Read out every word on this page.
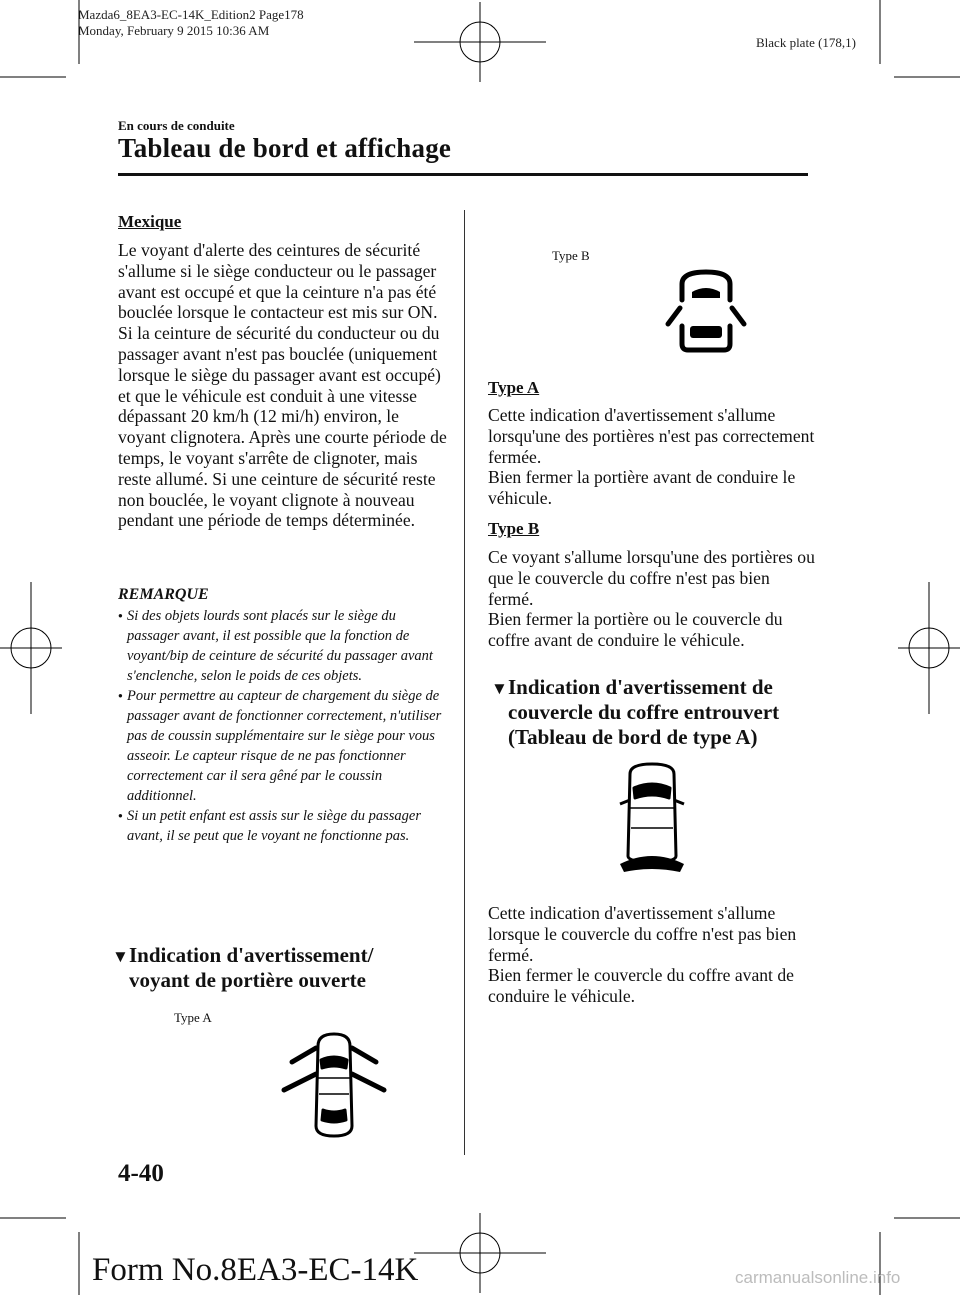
Mazda6_8EA3-EC-14K_Edition2 Page178
Monday, February 9 2015 10:36 AM
Black plate (178,1)
En cours de conduite
Tableau de bord et affichage
Mexique
Le voyant d'alerte des ceintures de sécurité s'allume si le siège conducteur ou le passager avant est occupé et que la ceinture n'a pas été bouclée lorsque le contacteur est mis sur ON.
Si la ceinture de sécurité du conducteur ou du passager avant n'est pas bouclée (uniquement lorsque le siège du passager avant est occupé) et que le véhicule est conduit à une vitesse dépassant 20 km/h (12 mi/h) environ, le voyant clignotera. Après une courte période de temps, le voyant s'arrête de clignoter, mais reste allumé. Si une ceinture de sécurité reste non bouclée, le voyant clignote à nouveau pendant une période de temps déterminée.
REMARQUE
● Si des objets lourds sont placés sur le siège du passager avant, il est possible que la fonction de voyant/bip de ceinture de sécurité du passager avant s'enclenche, selon le poids de ces objets.
● Pour permettre au capteur de chargement du siège de passager avant de fonctionner correctement, n'utiliser pas de coussin supplémentaire sur le siège pour vous asseoir. Le capteur risque de ne pas fonctionner correctement car il sera gêné par le coussin additionnel.
● Si un petit enfant est assis sur le siège du passager avant, il se peut que le voyant ne fonctionne pas.
▼ Indication d'avertissement/
voyant de portière ouverte
Type A
Type B
Type A
Cette indication d'avertissement s'allume lorsqu'une des portières n'est pas correctement fermée.
Bien fermer la portière avant de conduire le véhicule.
Type B
Ce voyant s'allume lorsqu'une des portières ou que le couvercle du coffre n'est pas bien fermé.
Bien fermer la portière ou le couvercle du coffre avant de conduire le véhicule.
▼ Indication d'avertissement de
couvercle du coffre entrouvert
(Tableau de bord de type A)
Cette indication d'avertissement s'allume lorsque le couvercle du coffre n'est pas bien fermé.
Bien fermer le couvercle du coffre avant de conduire le véhicule.
4-40
Form No.8EA3-EC-14K	carmanualsonline.info
